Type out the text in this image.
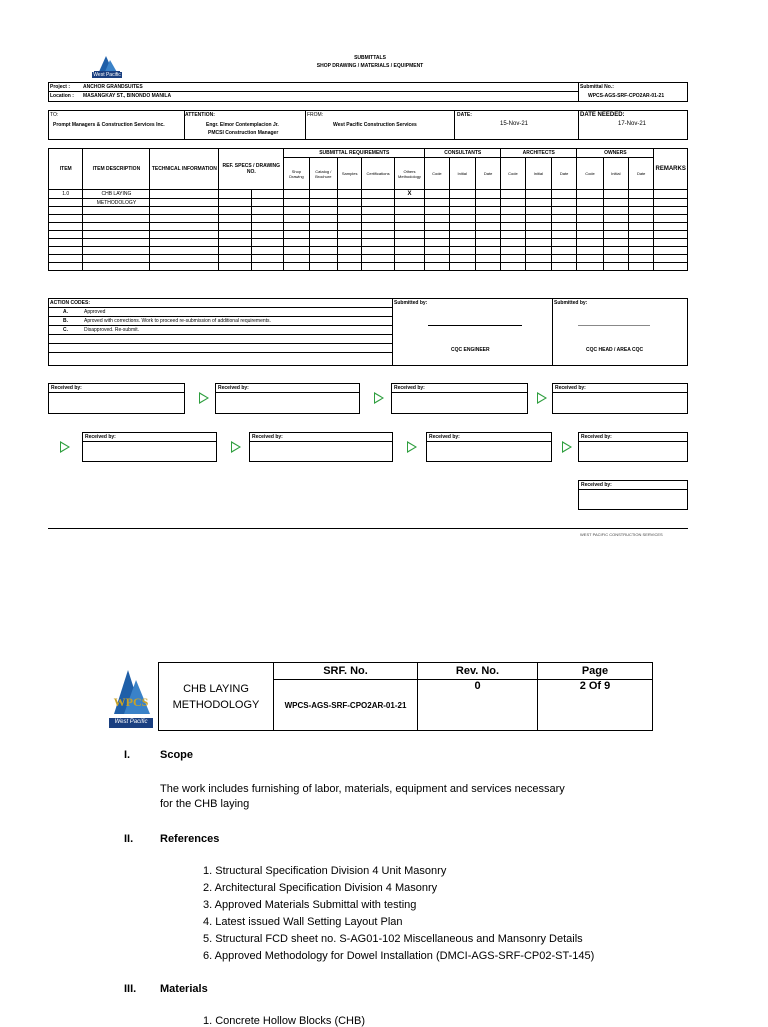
West Pacific
SUBMITTALS
SHOP DRAWING / MATERIALS / EQUIPMENT
Project :	ANCHOR GRANDSUITES
Location : MASANGKAY ST., BINONDO MANILA
Submittal No.:
WPCS-AGS-SRF-CPO2AR-01-21
TO:
Prompt Managers & Construction Services Inc.
ATTENTION:
Engr. Elmor Contemplacion Jr.
PMCSI Construction Manager
FROM:
West Pacific Construction Services
DATE:
15-Nov-21
DATE NEEDED:
17-Nov-21
ITEM	ITEM DESCRIPTION	TECHNICAL INFORMATION	REF. SPECS / DRAWING NO.		SUBMITTAL REQUIREMENTS					CONSULTANTS			ARCHITECTS			OWNERS			REMARKS
					Shop Drawing	Catalog / Brochure	Samples	Certifications	Others Methodology	Code	Initial	Date	Code	Initial	Date	Code	Initial	Date	
1.0	CHB LAYING								X										
	METHODOLOGY																		

ACTION CODES:
A.	Approved
B.	Aproved with corrections. Work to proceed re-submission of additional requirements.
C.	Disapproved. Re-submit.
Submitted by:	Submitted by:
CQC ENGINEER	CQC HEAD / AREA CQC
Received by:	Received by:	Received by:	Received by:
Received by:	Received by:	Received by:	Received by:
Received by:
WEST PACIFIC CONSTRUCTION SERVICES
WPCS
West Pacific
CHB LAYING
METHODOLOGY	SRF. No.	Rev. No.	Page
	WPCS-AGS-SRF-CPO2AR-01-21	0	2 Of 9
I.	Scope
The work includes furnishing of labor, materials, equipment and services necessary
for the CHB laying
II. References
1. Structural Specification Division 4 Unit Masonry
2. Architectural Specification Division 4 Masonry
3. Approved Materials Submittal with testing
4. Latest issued Wall Setting Layout Plan
5. Structural FCD sheet no. S-AG01-102 Miscellaneous and Mansonry Details
6. Approved Methodology for Dowel Installation (DMCI-AGS-SRF-CP02-ST-145)
III. Materials
1. Concrete Hollow Blocks (CHB)
